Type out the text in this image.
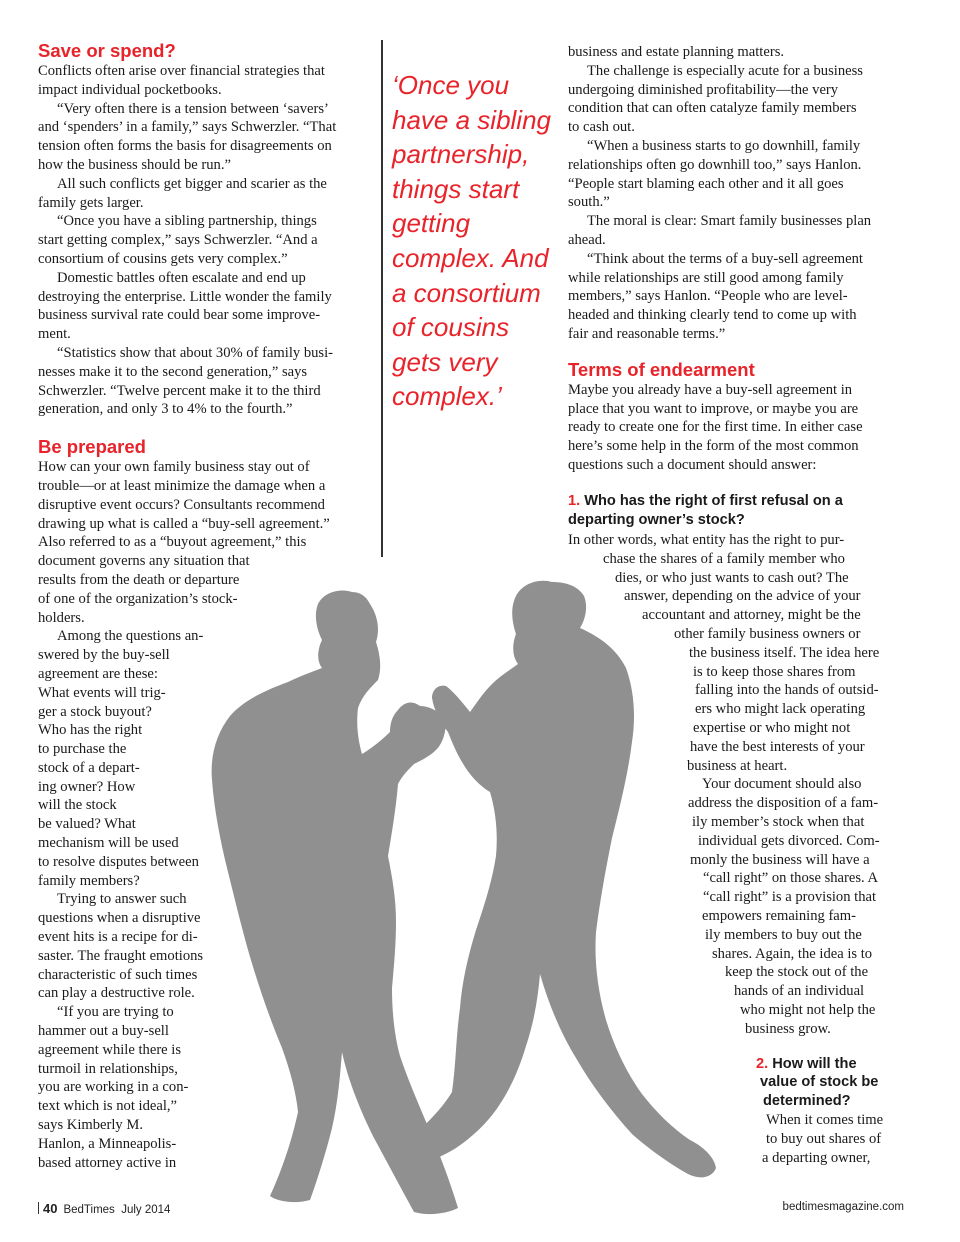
Save or spend?

Conflicts often arise over financial strategies that
impact individual pocketbooks.

“Very often there is a tension between ‘savers’
and ‘spenders’ in a family,” says Schwerzler. “That
tension often forms the basis for disagreements on
how the business should be run.”

All such conflicts get bigger and scarier as the
family gets larger.

“Once you have a sibling partnership, things
start getting complex,” says Schwerzler. “And a
consortium of cousins gets very complex.”

Domestic battles often escalate and end up
destroying the enterprise. Little wonder the family
business survival rate could bear some improve-
ment.

“Statistics show that about 30% of family busi-
nesses make it to the second generation,” says
Schwerzler. “Twelve percent make it to the third
generation, and only 3 to 4% to the fourth.”

Be prepared

How can your own family business stay out of
trouble—or at least minimize the damage when a
disruptive event occurs? Consultants recommend
drawing up what is called a “buy-sell agreement.”
Also referred to as a “buyout agreement,” this
document governs any situation that
results from the death or departure
of one of the organization’s stock-
holders.

Among the questions an-
swered by the buy-sell
agreement are these:
What events will trig-
ger a stock buyout?
Who has the right
to purchase the
stock of a depart-
ing owner? How
will the stock
be valued? What
mechanism will be used
to resolve disputes between
family members?

Trying to answer such
questions when a disruptive
event hits is a recipe for di-
saster. The fraught emotions
characteristic of such times
can play a destructive role.

“If you are trying to
hammer out a buy-sell
agreement while there is
turmoil in relationships,
you are working in a con-
text which is not ideal,”
says Kimberly M.
Hanlon, a Minneapolis-
based attorney active in

‘Once you
have a sibling
partnership,
things start
getting
complex. And
a consortium
of cousins
gets very
complex.’

business and estate planning matters.

The challenge is especially acute for a business
undergoing diminished profitability—the very
condition that can often catalyze family members
to cash out.

“When a business starts to go downhill, family
relationships often go downhill too,” says Hanlon.
“People start blaming each other and it all goes
south.”

The moral is clear: Smart family businesses plan
ahead.

“Think about the terms of a buy-sell agreement
while relationships are still good among family
members,” says Hanlon. “People who are level-
headed and thinking clearly tend to come up with
fair and reasonable terms.”

Terms of endearment

Maybe you already have a buy-sell agreement in
place that you want to improve, or maybe you are
ready to create one for the first time. In either case
here’s some help in the form of the most common
questions such a document should answer:

1. Who has the right of first refusal on a
departing owner’s stock?

In other words, what entity has the right to pur-
chase the shares of a family member who
dies, or who just wants to cash out? The
answer, depending on the advice of your
accountant and attorney, might be the
other family business owners or
the business itself. The idea here
is to keep those shares from
falling into the hands of outsid-
ers who might lack operating
expertise or who might not
have the best interests of your
business at heart.

Your document should also
address the disposition of a fam-
ily member’s stock when that
individual gets divorced. Com-
monly the business will have a
“call right” on those shares. A
“call right” is a provision that
empowers remaining fam-
ily members to buy out the
shares. Again, the idea is to
keep the stock out of the
hands of an individual
who might not help the
business grow.

2. How will the
value of stock be
determined?

When it comes time
to buy out shares of
a departing owner,

40 BedTimes July 2014	bedtimesmagazine.com
